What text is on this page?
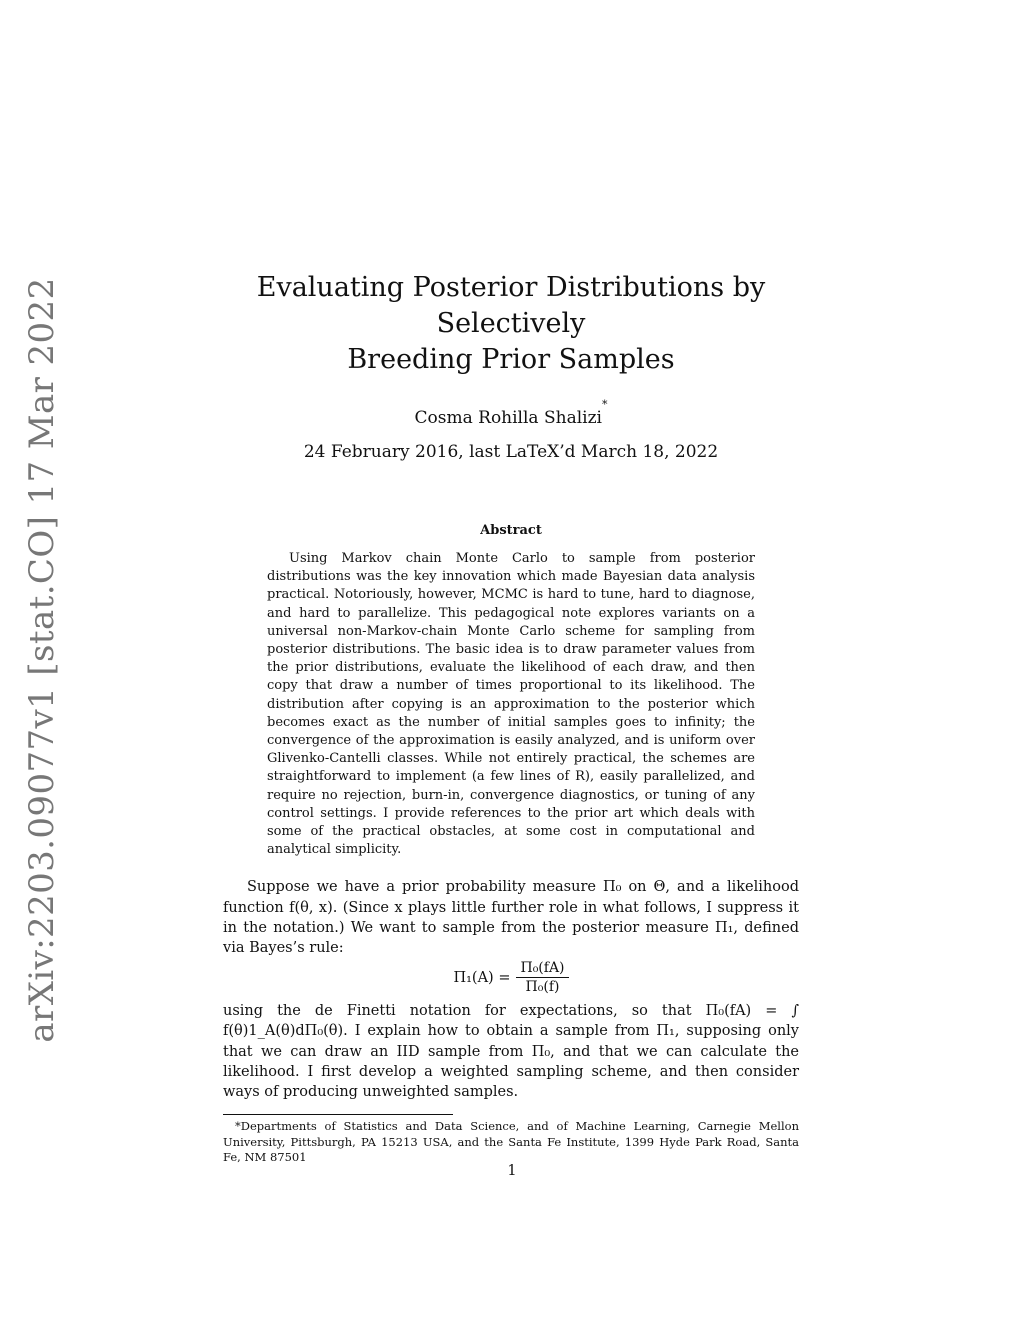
arXiv:2203.09077v1 [stat.CO] 17 Mar 2022	Evaluating Posterior Distributions by Selectively
Breeding Prior Samples
Cosma Rohilla Shalizi*
24 February 2016, last LaTeX’d March 18, 2022
Abstract
Using Markov chain Monte Carlo to sample from posterior distributions was the key innovation which made Bayesian data analysis practical. Notoriously, however, MCMC is hard to tune, hard to diagnose, and hard to parallelize. This pedagogical note explores variants on a universal non-Markov-chain Monte Carlo scheme for sampling from posterior distributions. The basic idea is to draw parameter values from the prior distributions, evaluate the likelihood of each draw, and then copy that draw a number of times proportional to its likelihood. The distribution after copying is an approximation to the posterior which becomes exact as the number of initial samples goes to infinity; the convergence of the approximation is easily analyzed, and is uniform over Glivenko-Cantelli classes. While not entirely practical, the schemes are straightforward to implement (a few lines of R), easily parallelized, and require no rejection, burn-in, convergence diagnostics, or tuning of any control settings. I provide references to the prior art which deals with some of the practical obstacles, at some cost in computational and analytical simplicity.
Suppose we have a prior probability measure Π₀ on Θ, and a likelihood function f(θ, x). (Since x plays little further role in what follows, I suppress it in the notation.) We want to sample from the posterior measure Π₁, defined via Bayes’s rule:
$\Pi_1(A) = \frac{\text{Π₀(fA)}}{\text{Π₀(f)}}$
using the de Finetti notation for expectations, so that Π₀(fA) = ∫ f(θ)1_A(θ)dΠ₀(θ). I explain how to obtain a sample from Π₁, supposing only that we can draw an IID sample from Π₀, and that we can calculate the likelihood. I first develop a weighted sampling scheme, and then consider ways of producing unweighted samples.
*Departments of Statistics and Data Science, and of Machine Learning, Carnegie Mellon University, Pittsburgh, PA 15213 USA, and the Santa Fe Institute, 1399 Hyde Park Road, Santa Fe, NM 87501
1
